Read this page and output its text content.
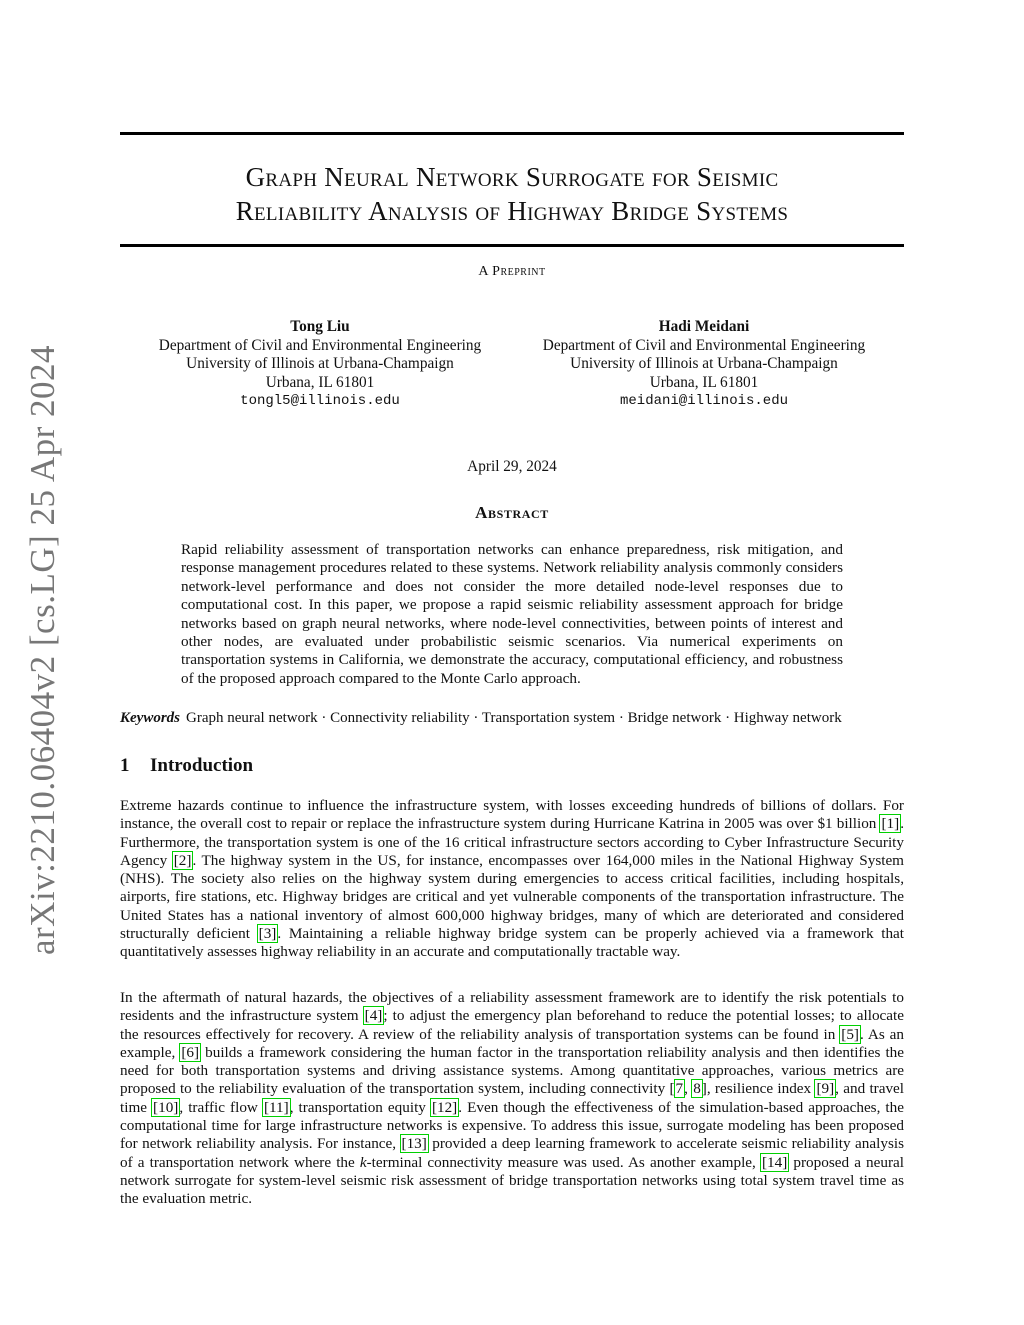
arXiv:2210.06404v2 [cs.LG] 25 Apr 2024
Graph Neural Network Surrogate for Seismic
Reliability Analysis of Highway Bridge Systems
A Preprint
Tong Liu
Department of Civil and Environmental Engineering
University of Illinois at Urbana-Champaign
Urbana, IL 61801
tongl5@illinois.edu
Hadi Meidani
Department of Civil and Environmental Engineering
University of Illinois at Urbana-Champaign
Urbana, IL 61801
meidani@illinois.edu
April 29, 2024
Abstract
Rapid reliability assessment of transportation networks can enhance preparedness, risk mitigation, and response management procedures related to these systems. Network reliability analysis commonly considers network-level performance and does not consider the more detailed node-level responses due to computational cost. In this paper, we propose a rapid seismic reliability assessment approach for bridge networks based on graph neural networks, where node-level connectivities, between points of interest and other nodes, are evaluated under probabilistic seismic scenarios. Via numerical experiments on transportation systems in California, we demonstrate the accuracy, computational efficiency, and robustness of the proposed approach compared to the Monte Carlo approach.
Keywords Graph neural network · Connectivity reliability · Transportation system · Bridge network · Highway network
1 Introduction

Extreme hazards continue to influence the infrastructure system, with losses exceeding hundreds of billions of dollars. For instance, the overall cost to repair or replace the infrastructure system during Hurricane Katrina in 2005 was over $1 billion [1]. Furthermore, the transportation system is one of the 16 critical infrastructure sectors according to Cyber Infrastructure Security Agency [2]. The highway system in the US, for instance, encompasses over 164,000 miles in the National Highway System (NHS). The society also relies on the highway system during emergencies to access critical facilities, including hospitals, airports, fire stations, etc. Highway bridges are critical and yet vulnerable components of the transportation infrastructure. The United States has a national inventory of almost 600,000 highway bridges, many of which are deteriorated and considered structurally deficient [3]. Maintaining a reliable highway bridge system can be properly achieved via a framework that quantitatively assesses highway reliability in an accurate and computationally tractable way.

In the aftermath of natural hazards, the objectives of a reliability assessment framework are to identify the risk potentials to residents and the infrastructure system [4]; to adjust the emergency plan beforehand to reduce the potential losses; to allocate the resources effectively for recovery. A review of the reliability analysis of transportation systems can be found in [5]. As an example, [6] builds a framework considering the human factor in the transportation reliability analysis and then identifies the need for both transportation systems and driving assistance systems. Among quantitative approaches, various metrics are proposed to the reliability evaluation of the transportation system, including connectivity [7, 8], resilience index [9], and travel time [10], traffic flow [11], transportation equity [12]. Even though the effectiveness of the simulation-based approaches, the computational time for large infrastructure networks is expensive. To address this issue, surrogate modeling has been proposed for network reliability analysis. For instance, [13] provided a deep learning framework to accelerate seismic reliability analysis of a transportation network where the k-terminal connectivity measure was used. As another example, [14] proposed a neural network surrogate for system-level seismic risk assessment of bridge transportation networks using total system travel time as the evaluation metric.
